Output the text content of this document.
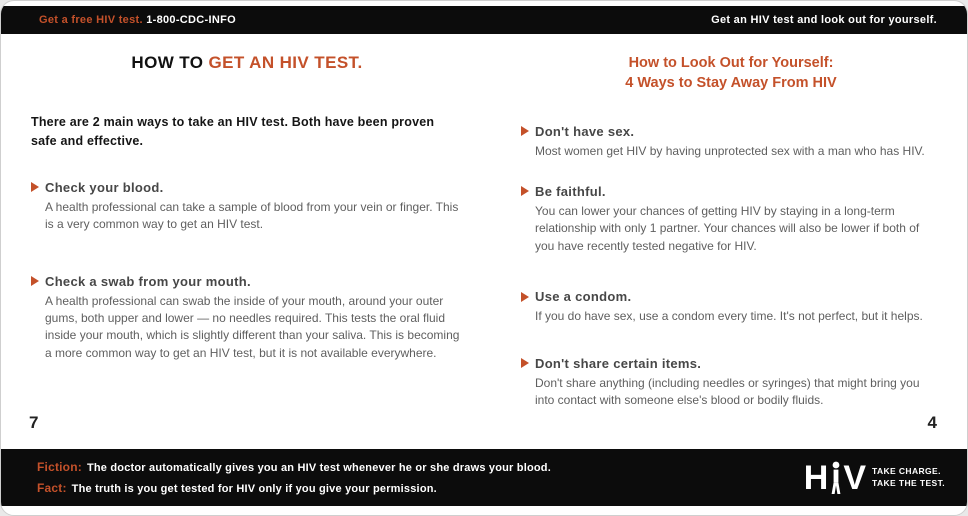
Get a free HIV test. 1-800-CDC-INFO	Get an HIV test and look out for yourself.
HOW TO GET AN HIV TEST.
There are 2 main ways to take an HIV test. Both have been proven safe and effective.
Check your blood.
A health professional can take a sample of blood from your vein or finger. This is a very common way to get an HIV test.
Check a swab from your mouth.
A health professional can swab the inside of your mouth, around your outer gums, both upper and lower — no needles required. This tests the oral fluid inside your mouth, which is slightly different than your saliva. This is becoming a more common way to get an HIV test, but it is not available everywhere.
How to Look Out for Yourself:
4 Ways to Stay Away From HIV
Don't have sex.
Most women get HIV by having unprotected sex with a man who has HIV.
Be faithful.
You can lower your chances of getting HIV by staying in a long-term relationship with only 1 partner. Your chances will also be lower if both of you have recently tested negative for HIV.
Use a condom.
If you do have sex, use a condom every time. It's not perfect, but it helps.
Don't share certain items.
Don't share anything (including needles or syringes) that might bring you into contact with someone else's blood or bodily fluids.
7	4
Fiction: The doctor automatically gives you an HIV test whenever he or she draws your blood.
Fact: The truth is you get tested for HIV only if you give your permission.	H V TAKE CHARGE.
TAKE THE TEST.
